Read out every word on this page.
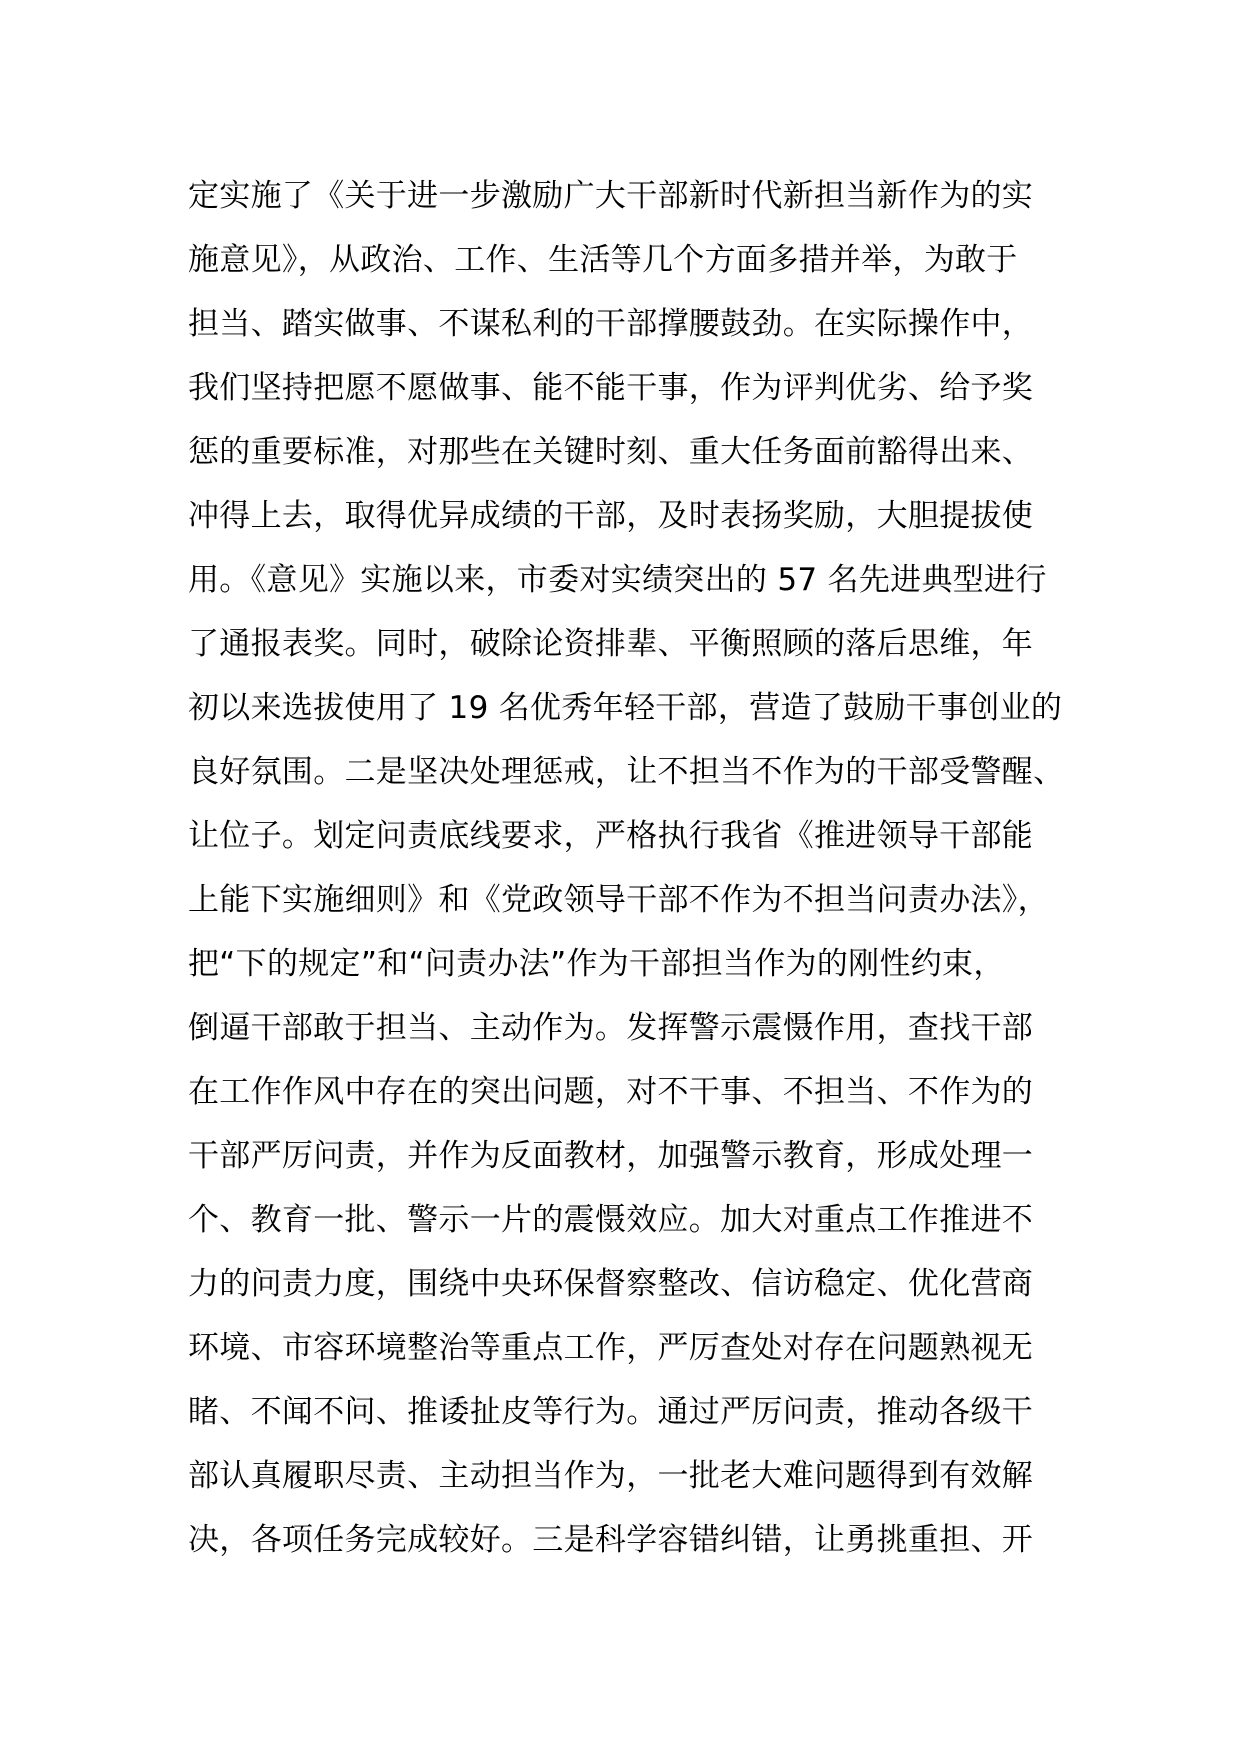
定实施了《关于进一步激励广大干部新时代新担当新作为的实
施意见》，从政治、工作、生活等几个方面多措并举，为敢于
担当、踏实做事、不谋私利的干部撑腰鼓劲。在实际操作中，
我们坚持把愿不愿做事、能不能干事，作为评判优劣、给予奖
惩的重要标准，对那些在关键时刻、重大任务面前豁得出来、
冲得上去，取得优异成绩的干部，及时表扬奖励，大胆提拔使
用。《意见》实施以来，市委对实绩突出的 57 名先进典型进行
了通报表奖。同时，破除论资排辈、平衡照顾的落后思维，年
初以来选拔使用了 19 名优秀年轻干部，营造了鼓励干事创业的
良好氛围。二是坚决处理惩戒，让不担当不作为的干部受警醒、
让位子。划定问责底线要求，严格执行我省《推进领导干部能
上能下实施细则》和《党政领导干部不作为不担当问责办法》，
把“下的规定”和“问责办法”作为干部担当作为的刚性约束，
倒逼干部敢于担当、主动作为。发挥警示震慑作用，查找干部
在工作作风中存在的突出问题，对不干事、不担当、不作为的
干部严厉问责，并作为反面教材，加强警示教育，形成处理一
个、教育一批、警示一片的震慑效应。加大对重点工作推进不
力的问责力度，围绕中央环保督察整改、信访稳定、优化营商
环境、市容环境整治等重点工作，严厉查处对存在问题熟视无
睹、不闻不问、推诿扯皮等行为。通过严厉问责，推动各级干
部认真履职尽责、主动担当作为，一批老大难问题得到有效解
决，各项任务完成较好。三是科学容错纠错，让勇挑重担、开
